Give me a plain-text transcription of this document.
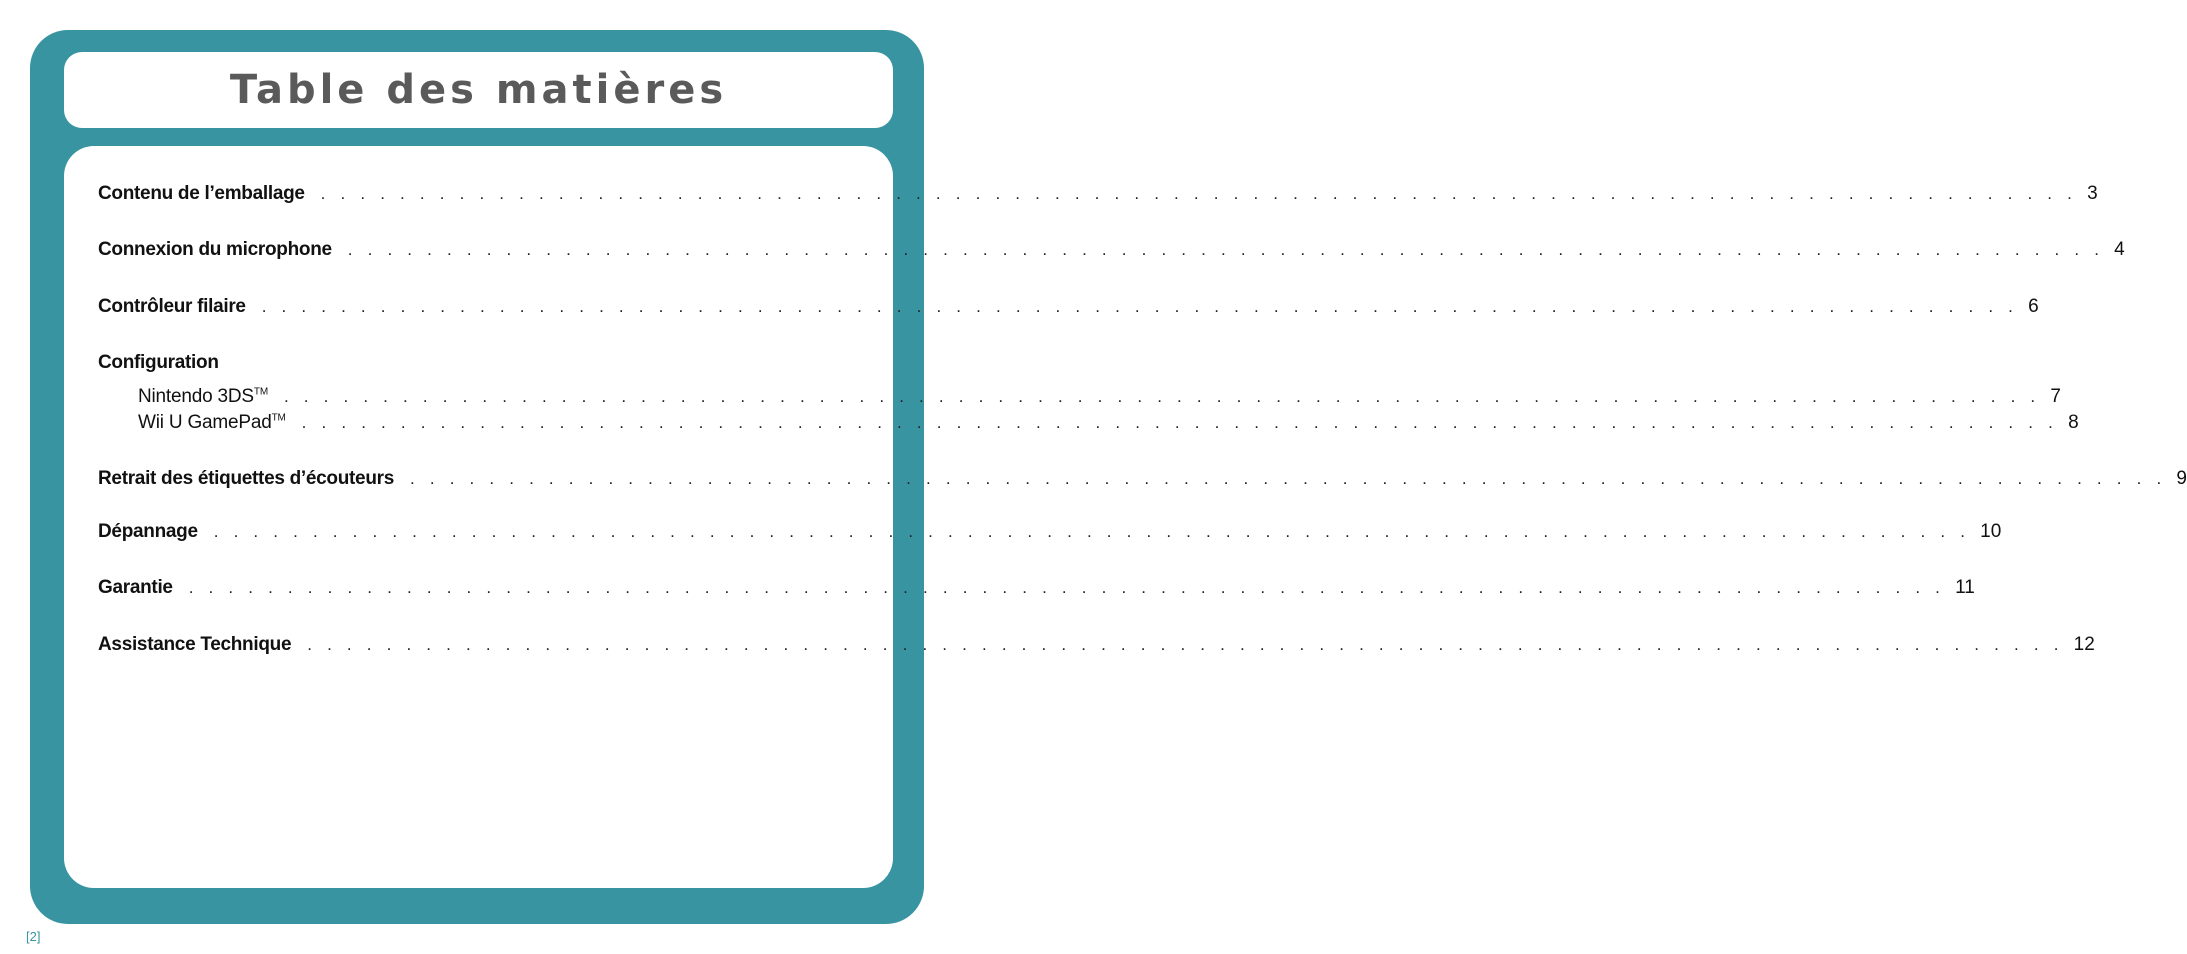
Table des matières
Contenu de l’emballage . . . . . . . . . . . . . . . . . . . . . . . . . . . . . . . . . . . . . . . . . . . . . . . . . . . . . . . . . . . . . . . . . . . . . . . . . . . . . . . . . . . . . . . . . 3
Connexion du microphone . . . . . . . . . . . . . . . . . . . . . . . . . . . . . . . . . . . . . . . . . . . . . . . . . . . . . . . . . . . . . . . . . . . . . . . . . . . . . . . . . . . . . . . . . 4
Contrôleur filaire . . . . . . . . . . . . . . . . . . . . . . . . . . . . . . . . . . . . . . . . . . . . . . . . . . . . . . . . . . . . . . . . . . . . . . . . . . . . . . . . . . . . . . . . . 6
Configuration
Nintendo 3DS™ . . . . . . . . . . . . . . . . . . . . . . . . . . . . . . . . . . . . . . . . . . . . . . . . . . . . . . . . . . . . . . . . . . . . . . . . . . . . . . . . . . . . . . . . . 7
Wii U GamePad™ . . . . . . . . . . . . . . . . . . . . . . . . . . . . . . . . . . . . . . . . . . . . . . . . . . . . . . . . . . . . . . . . . . . . . . . . . . . . . . . . . . . . . . . . . 8
Retrait des étiquettes d’écouteurs . . . . . . . . . . . . . . . . . . . . . . . . . . . . . . . . . . . . . . . . . . . . . . . . . . . . . . . . . . . . . . . . . . . . . . . . . . . . . . . . . . . . . . . . . 9
Dépannage . . . . . . . . . . . . . . . . . . . . . . . . . . . . . . . . . . . . . . . . . . . . . . . . . . . . . . . . . . . . . . . . . . . . . . . . . . . . . . . . . . . . . . . . . 10
Garantie . . . . . . . . . . . . . . . . . . . . . . . . . . . . . . . . . . . . . . . . . . . . . . . . . . . . . . . . . . . . . . . . . . . . . . . . . . . . . . . . . . . . . . . . . 11
Assistance Technique . . . . . . . . . . . . . . . . . . . . . . . . . . . . . . . . . . . . . . . . . . . . . . . . . . . . . . . . . . . . . . . . . . . . . . . . . . . . . . . . . . . . . . . . . 12
[2]
